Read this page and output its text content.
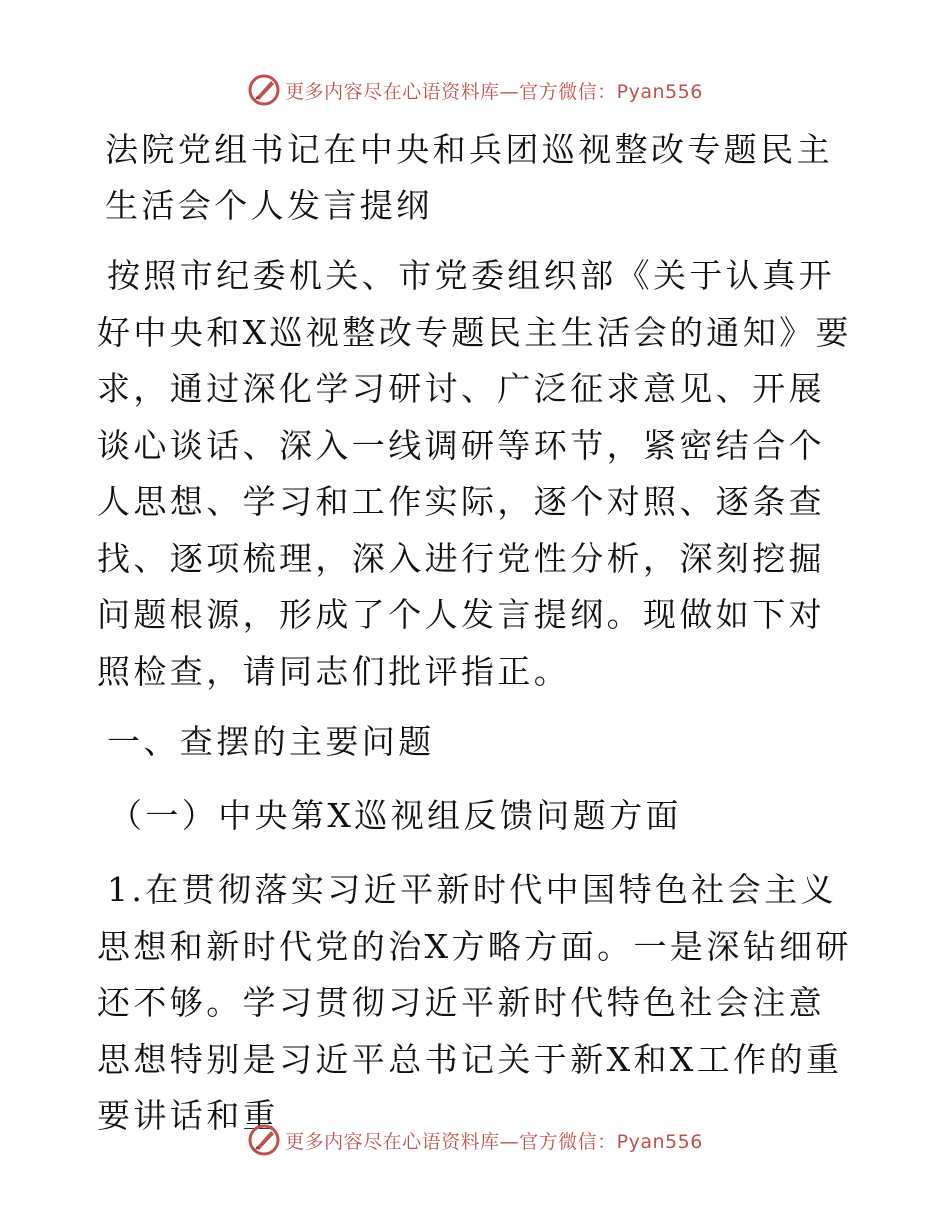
更多内容尽在心语资料库—官方微信：Pyan556
法院党组书记在中央和兵团巡视整改专题民主生活会个人发言提纲
按照市纪委机关、市党委组织部《关于认真开好中央和X巡视整改专题民主生活会的通知》要求，通过深化学习研讨、广泛征求意见、开展谈心谈话、深入一线调研等环节，紧密结合个人思想、学习和工作实际，逐个对照、逐条查找、逐项梳理，深入进行党性分析，深刻挖掘问题根源，形成了个人发言提纲。现做如下对照检查，请同志们批评指正。
一、查摆的主要问题
（一）中央第X巡视组反馈问题方面
1.在贯彻落实习近平新时代中国特色社会主义思想和新时代党的治X方略方面。一是深钻细研还不够。学习贯彻习近平新时代特色社会注意思想特别是习近平总书记关于新X和X工作的重要讲话和重
更多内容尽在心语资料库—官方微信：Pyan556
